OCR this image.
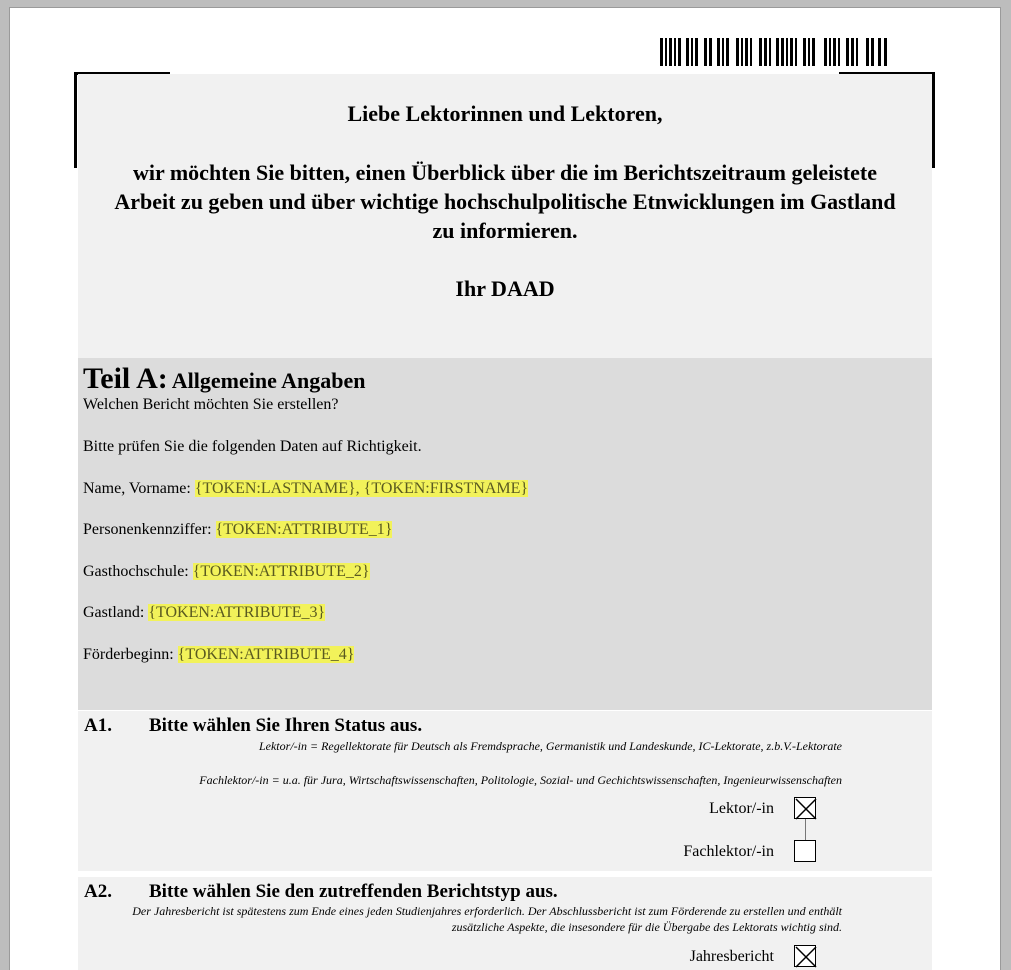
Liebe Lektorinnen und Lektoren,
wir möchten Sie bitten, einen Überblick über die im Berichtszeitraum geleistete
Arbeit zu geben und über wichtige hochschulpolitische Etnwicklungen im Gastland
zu informieren.
Ihr DAAD
Teil A: Allgemeine Angaben
Welchen Bericht möchten Sie erstellen?
Bitte prüfen Sie die folgenden Daten auf Richtigkeit.
Name, Vorname: {TOKEN:LASTNAME}, {TOKEN:FIRSTNAME}
Personenkennziffer: {TOKEN:ATTRIBUTE_1}
Gasthochschule: {TOKEN:ATTRIBUTE_2}
Gastland: {TOKEN:ATTRIBUTE_3}
Förderbeginn: {TOKEN:ATTRIBUTE_4}
A1. Bitte wählen Sie Ihren Status aus.
Lektor/-in = Regellektorate für Deutsch als Fremdsprache, Germanistik und Landeskunde, IC-Lektorate, z.b.V.-Lektorate
Fachlektor/-in = u.a. für Jura, Wirtschaftswissenschaften, Politologie, Sozial- und Gechichtswissenschaften, Ingenieurwissenschaften
Lektor/-in
Fachlektor/-in
A2. Bitte wählen Sie den zutreffenden Berichtstyp aus.
Der Jahresbericht ist spätestens zum Ende eines jeden Studienjahres erforderlich. Der Abschlussbericht ist zum Förderende zu erstellen und enthält
zusätzliche Aspekte, die insesondere für die Übergabe des Lektorats wichtig sind.
Jahresbericht
